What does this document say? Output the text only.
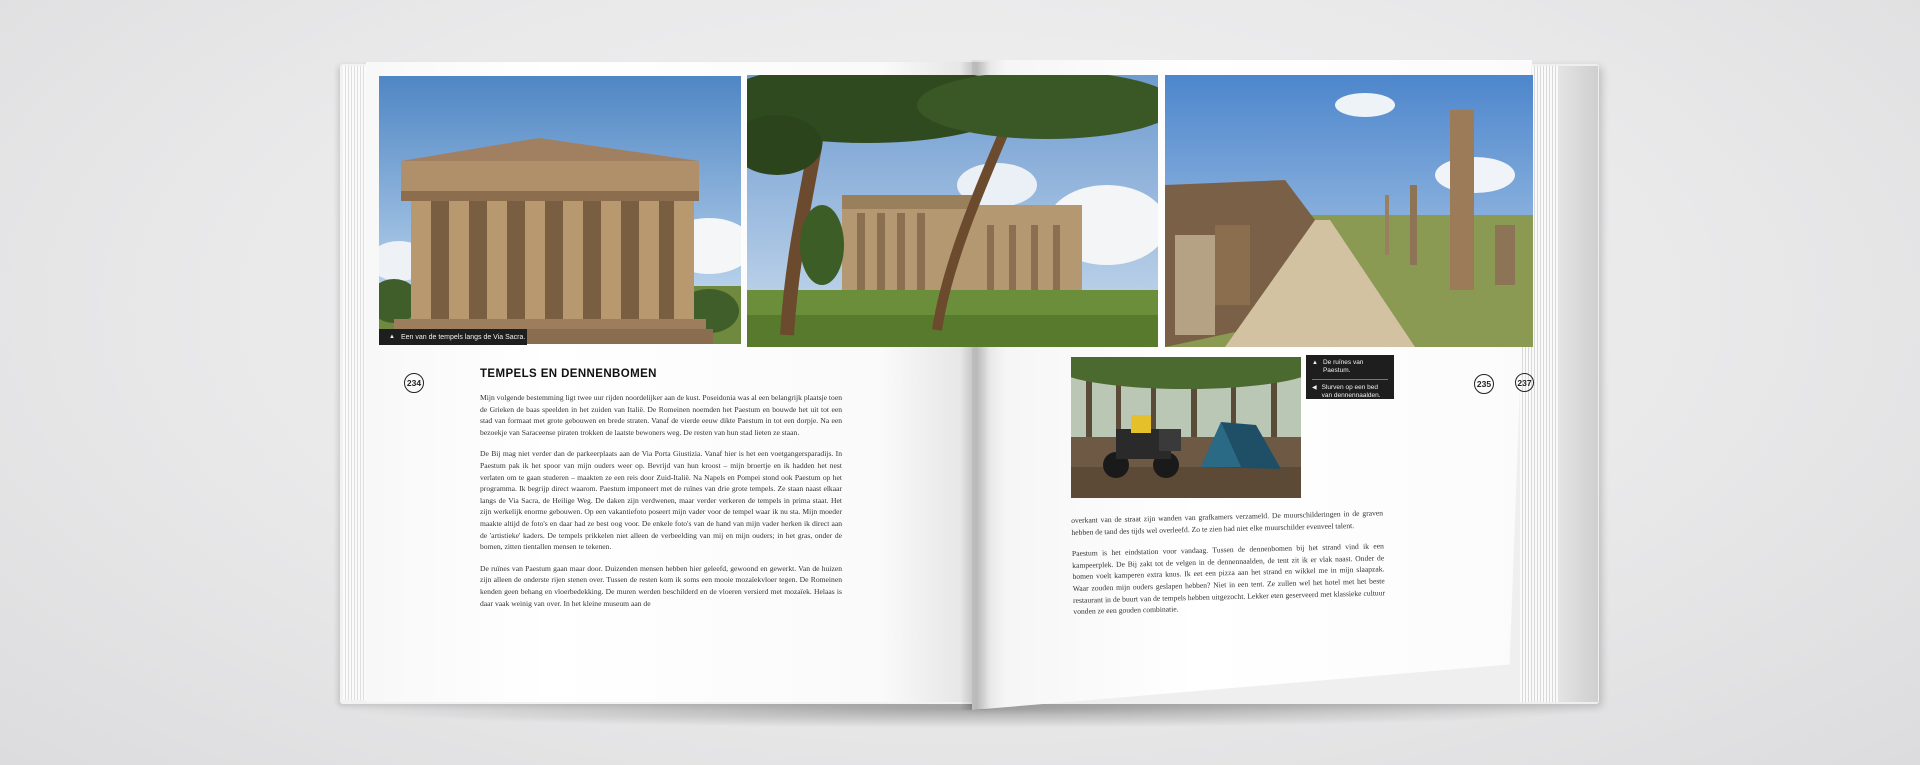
▲ Een van de tempels langs de Via Sacra.
▲ De ruïnes van Paestum.
◀ Slurven op een bed van dennennaalden.
234	235	237
TEMPELS EN DENNENBOMEN

Mijn volgende bestemming ligt twee uur rijden noordelijker aan de kust. Poseidonia was al een belangrijk plaatsje toen de Grieken de baas speelden in het zuiden van Italië. De Romeinen noemden het Paestum en bouwde het uit tot een stad van formaat met grote gebouwen en brede straten. Vanaf de vierde eeuw dikte Paestum in tot een dorpje. Na een bezoekje van Saraceense piraten trokken de laatste bewoners weg. De resten van hun stad lieten ze staan.

De Bij mag niet verder dan de parkeerplaats aan de Via Porta Giustizia. Vanaf hier is het een voetgangersparadijs. In Paestum pak ik het spoor van mijn ouders weer op. Bevrijd van hun kroost – mijn broertje en ik hadden het nest verlaten om te gaan studeren – maakten ze een reis door Zuid-Italië. Na Napels en Pompei stond ook Paestum op het programma. Ik begrijp direct waarom. Paestum imponeert met de ruïnes van drie grote tempels. Ze staan naast elkaar langs de Via Sacra, de Heilige Weg. De daken zijn verdwenen, maar verder verkeren de tempels in prima staat. Het zijn werkelijk enorme gebouwen. Op een vakantiefoto poseert mijn vader voor de tempel waar ik nu sta. Mijn moeder maakte altijd de foto's en daar had ze best oog voor. De enkele foto's van de hand van mijn vader herken ik direct aan de 'artistieke' kaders. De tempels prikkelen niet alleen de verbeelding van mij en mijn ouders; in het gras, onder de bomen, zitten tientallen mensen te tekenen.

De ruïnes van Paestum gaan maar door. Duizenden mensen hebben hier geleefd, gewoond en gewerkt. Van de huizen zijn alleen de onderste rijen stenen over. Tussen de resten kom ik soms een mooie mozaïekvloer tegen. De Romeinen kenden geen behang en vloerbedekking. De muren werden beschilderd en de vloeren versierd met mozaïek. Helaas is daar vaak weinig van over. In het kleine museum aan de

overkant van de straat zijn wanden van grafkamers verzameld. De muurschilderingen in de graven hebben de tand des tijds wel overleefd. Zo te zien had niet elke muurschilder evenveel talent.

Paestum is het eindstation voor vandaag. Tussen de dennenbomen bij het strand vind ik een kampeerplek. De Bij zakt tot de velgen in de dennennaalden, de tent zit ik er vlak naast. Onder de bomen voelt kamperen extra knus. Ik eet een pizza aan het strand en wikkel me in mijn slaapzak. Waar zouden mijn ouders geslapen hebben? Niet in een tent. Ze zullen wel het hotel met het beste restaurant in de buurt van de tempels hebben uitgezocht. Lekker eten geserveerd met klassieke cultuur vonden ze een gouden combinatie.
